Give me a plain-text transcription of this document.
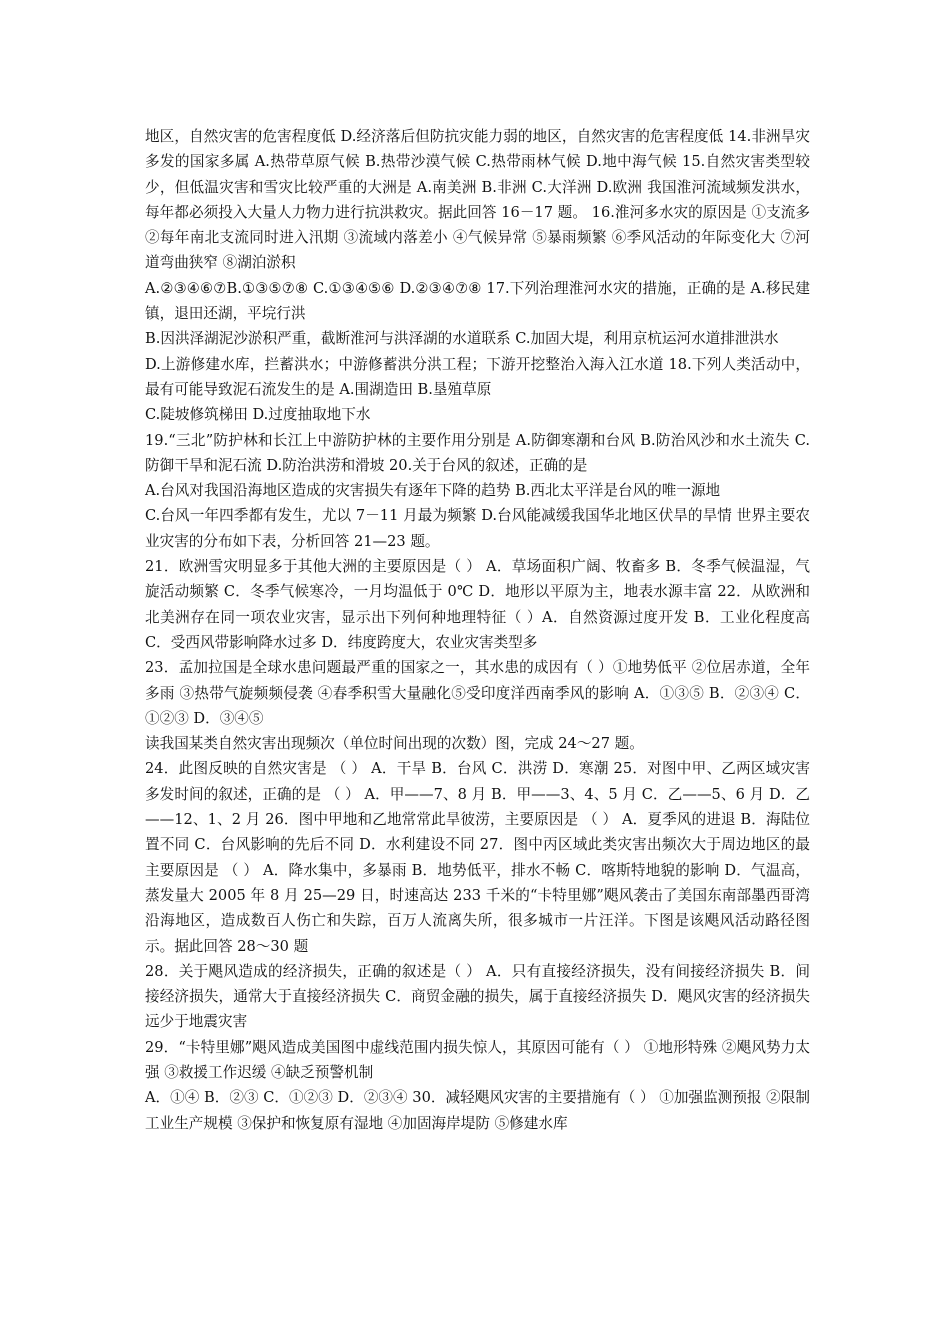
地区，自然灾害的危害程度低 D.经济落后但防抗灾能力弱的地区，自然灾害的危害程度低 14.非洲旱灾多发的国家多属 A.热带草原气候 B.热带沙漠气候 C.热带雨林气候 D.地中海气候 15.自然灾害类型较少，但低温灾害和雪灾比较严重的大洲是 A.南美洲 B.非洲 C.大洋洲 D.欧洲 我国淮河流域频发洪水，每年都必须投入大量人力物力进行抗洪救灾。据此回答 16－17 题。 16.淮河多水灾的原因是 ①支流多 ②每年南北支流同时进入汛期 ③流域内落差小 ④气候异常 ⑤暴雨频繁 ⑥季风活动的年际变化大 ⑦河道弯曲狭窄 ⑧湖泊淤积

A.②③④⑥⑦B.①③⑤⑦⑧ C.①③④⑤⑥ D.②③④⑦⑧ 17.下列治理淮河水灾的措施，正确的是 A.移民建镇，退田还湖，平垸行洪

B.因洪泽湖泥沙淤积严重，截断淮河与洪泽湖的水道联系 C.加固大堤，利用京杭运河水道排泄洪水

D.上游修建水库，拦蓄洪水；中游修蓄洪分洪工程；下游开挖整治入海入江水道 18.下列人类活动中，最有可能导致泥石流发生的是 A.围湖造田 B.垦殖草原

C.陡坡修筑梯田 D.过度抽取地下水

19.“三北”防护林和长江上中游防护林的主要作用分别是 A.防御寒潮和台风 B.防治风沙和水土流失 C.防御干旱和泥石流 D.防治洪涝和滑坡 20.关于台风的叙述，正确的是

A.台风对我国沿海地区造成的灾害损失有逐年下降的趋势 B.西北太平洋是台风的唯一源地

C.台风一年四季都有发生，尤以 7－11 月最为频繁 D.台风能减缓我国华北地区伏旱的旱情 世界主要农业灾害的分布如下表，分析回答 21—23 题。

21．欧洲雪灾明显多于其他大洲的主要原因是（ ） A．草场面积广阔、牧畜多 B．冬季气候温湿，气旋活动频繁 C．冬季气候寒冷，一月均温低于 0℃ D．地形以平原为主，地表水源丰富 22．从欧洲和北美洲存在同一项农业灾害，显示出下列何种地理特征（ ）A．自然资源过度开发 B．工业化程度高 C．受西风带影响降水过多 D．纬度跨度大，农业灾害类型多

23．孟加拉国是全球水患问题最严重的国家之一，其水患的成因有（ ）①地势低平 ②位居赤道，全年多雨 ③热带气旋频频侵袭 ④春季积雪大量融化⑤受印度洋西南季风的影响 A．①③⑤ B．②③④ C．①②③ D．③④⑤

读我国某类自然灾害出现频次（单位时间出现的次数）图，完成 24～27 题。

24．此图反映的自然灾害是 （ ） A．干旱 B．台风 C．洪涝 D．寒潮 25．对图中甲、乙两区域灾害多发时间的叙述，正确的是 （ ） A．甲——7、8 月 B．甲——3、4、5 月 C．乙——5、6 月 D．乙——12、1、2 月 26．图中甲地和乙地常常此旱彼涝，主要原因是 （ ） A．夏季风的进退 B．海陆位置不同 C．台风影响的先后不同 D．水利建设不同 27．图中丙区域此类灾害出频次大于周边地区的最主要原因是 （ ） A．降水集中，多暴雨 B．地势低平，排水不畅 C．喀斯特地貌的影响 D．气温高，蒸发量大 2005 年 8 月 25—29 日，时速高达 233 千米的“卡特里娜”飓风袭击了美国东南部墨西哥湾沿海地区，造成数百人伤亡和失踪，百万人流离失所，很多城市一片汪洋。下图是该飓风活动路径图示。据此回答 28～30 题

28．关于飓风造成的经济损失，正确的叙述是（ ） A．只有直接经济损失，没有间接经济损失 B．间接经济损失，通常大于直接经济损失 C．商贸金融的损失，属于直接经济损失 D．飓风灾害的经济损失远少于地震灾害

29．“卡特里娜”飓风造成美国图中虚线范围内损失惊人，其原因可能有（ ） ①地形特殊 ②飓风势力太强 ③救援工作迟缓 ④缺乏预警机制

A．①④ B．②③ C．①②③ D．②③④ 30．减轻飓风灾害的主要措施有（ ） ①加强监测预报 ②限制工业生产规模 ③保护和恢复原有湿地 ④加固海岸堤防 ⑤修建水库
